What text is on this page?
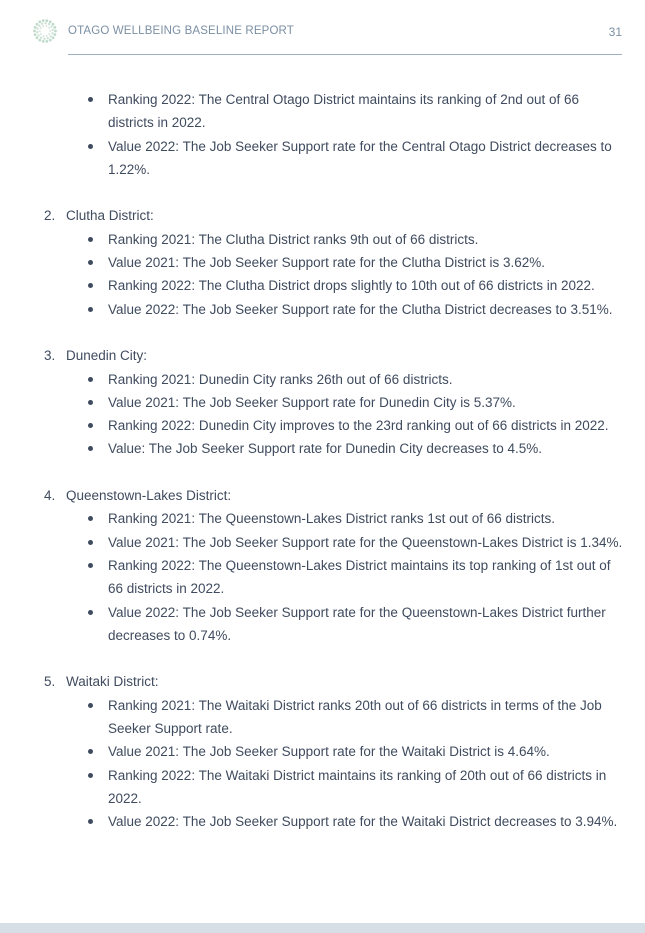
OTAGO WELLBEING BASELINE REPORT	31
Ranking 2022: The Central Otago District maintains its ranking of 2nd out of 66 districts in 2022.
Value 2022: The Job Seeker Support rate for the Central Otago District decreases to 1.22%.
2. Clutha District:
Ranking 2021: The Clutha District ranks 9th out of 66 districts.
Value 2021: The Job Seeker Support rate for the Clutha District is 3.62%.
Ranking 2022: The Clutha District drops slightly to 10th out of 66 districts in 2022.
Value 2022: The Job Seeker Support rate for the Clutha District decreases to 3.51%.
3. Dunedin City:
Ranking 2021: Dunedin City ranks 26th out of 66 districts.
Value 2021: The Job Seeker Support rate for Dunedin City is 5.37%.
Ranking 2022: Dunedin City improves to the 23rd ranking out of 66 districts in 2022.
Value: The Job Seeker Support rate for Dunedin City decreases to 4.5%.
4. Queenstown-Lakes District:
Ranking 2021: The Queenstown-Lakes District ranks 1st out of 66 districts.
Value 2021: The Job Seeker Support rate for the Queenstown-Lakes District is 1.34%.
Ranking 2022: The Queenstown-Lakes District maintains its top ranking of 1st out of 66 districts in 2022.
Value 2022: The Job Seeker Support rate for the Queenstown-Lakes District further decreases to 0.74%.
5. Waitaki District:
Ranking 2021: The Waitaki District ranks 20th out of 66 districts in terms of the Job Seeker Support rate.
Value 2021: The Job Seeker Support rate for the Waitaki District is 4.64%.
Ranking 2022: The Waitaki District maintains its ranking of 20th out of 66 districts in 2022.
Value 2022: The Job Seeker Support rate for the Waitaki District decreases to 3.94%.
